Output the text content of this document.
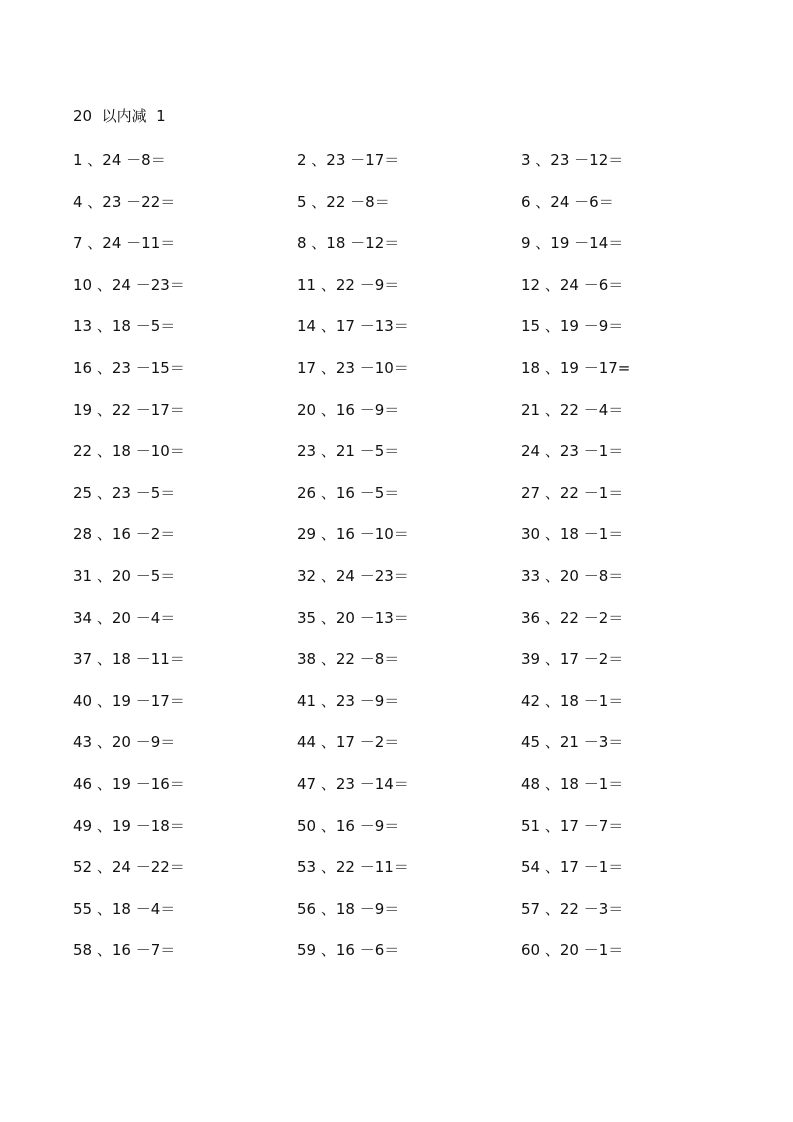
20  以内减  1
1 、24 －8＝	2 、23 －17＝	3 、23 －12＝
4 、23 －22＝	5 、22 －8＝	6 、24 －6＝
7 、24 －11＝	8 、18 －12＝	9 、19 －14＝
10 、24 －23＝	11 、22 －9＝	12 、24 －6＝
13 、18 －5＝	14 、17 －13＝	15 、19 －9＝
16 、23 －15＝	17 、23 －10＝	18 、19 －17=
19 、22 －17＝	20 、16 －9＝	21 、22 －4＝
22 、18 －10＝	23 、21 －5＝	24 、23 －1＝
25 、23 －5＝	26 、16 －5＝	27 、22 －1＝
28 、16 －2＝	29 、16 －10＝	30 、18 －1＝
31 、20 －5＝	32 、24 －23＝	33 、20 －8＝
34 、20 －4＝	35 、20 －13＝	36 、22 －2＝
37 、18 －11＝	38 、22 －8＝	39 、17 －2＝
40 、19 －17＝	41 、23 －9＝	42 、18 －1＝
43 、20 －9＝	44 、17 －2＝	45 、21 －3＝
46 、19 －16＝	47 、23 －14＝	48 、18 －1＝
49 、19 －18＝	50 、16 －9＝	51 、17 －7＝
52 、24 －22＝	53 、22 －11＝	54 、17 －1＝
55 、18 －4＝	56 、18 －9＝	57 、22 －3＝
58 、16 －7＝	59 、16 －6＝	60 、20 －1＝
